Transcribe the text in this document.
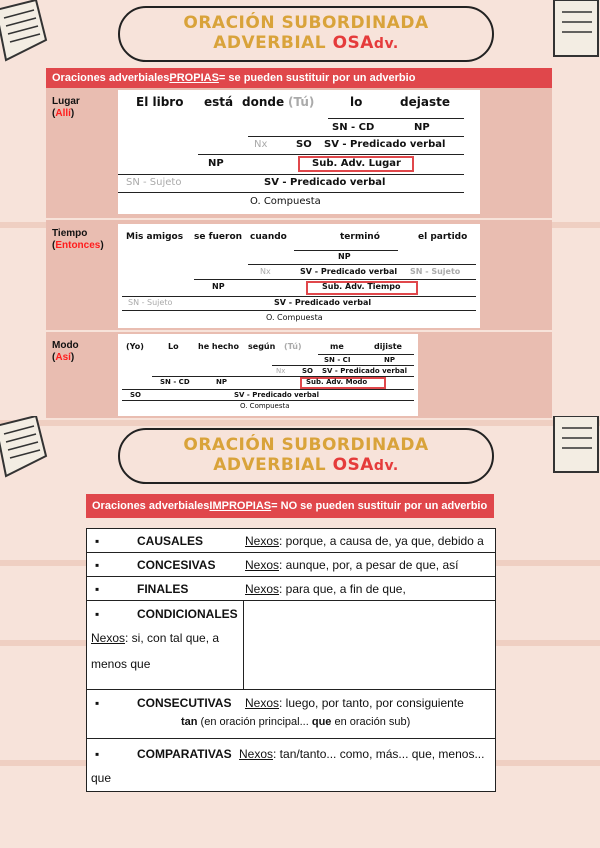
ORACIÓN SUBORDINADA
ADVERBIAL OSAdv.
Oraciones adverbiales PROPIAS = se pueden sustituir por un adverbio
Lugar
(Allí)
El libro está donde (Tú)	lo	dejaste
SN - CD	NP
Nx	SO SV - Predicado verbal
NP	Sub. Adv. Lugar
SN - Sujeto	SV - Predicado verbal
O. Compuesta
Tiempo
(Entonces)
Mis amigos se fueron cuando	terminó	el partido
NP
Nx	SV - Predicado verbal SN - Sujeto
NP	Sub. Adv. Tiempo
SN - Sujeto	SV - Predicado verbal
O. Compuesta
Modo
(Así)
(Yo)	Lo he hecho según (Tú)	me	dijiste
SN - CI	NP
Nx SO SV - Predicado verbal
SN - CD	NP	Sub. Adv. Modo
SO	SV - Predicado verbal
O. Compuesta
ORACIÓN SUBORDINADA
ADVERBIAL OSAdv.
Oraciones adverbiales IMPROPIAS = NO se pueden sustituir por un adverbio
▪	CAUSALES	Nexos: porque, a causa de, ya que, debido a
▪	CONCESIVAS Nexos: aunque, por, a pesar de que, así
▪	FINALES	Nexos: para que, a fin de que,
▪	CONDICIONALES
Nexos: si, con tal que, a
menos que
▪	CONSECUTIVAS Nexos: luego, por tanto, por consiguiente
tan (en oración principal... que en oración sub)
▪	COMPARATIVAS Nexos: tan/tanto... como, más... que, menos...
que
